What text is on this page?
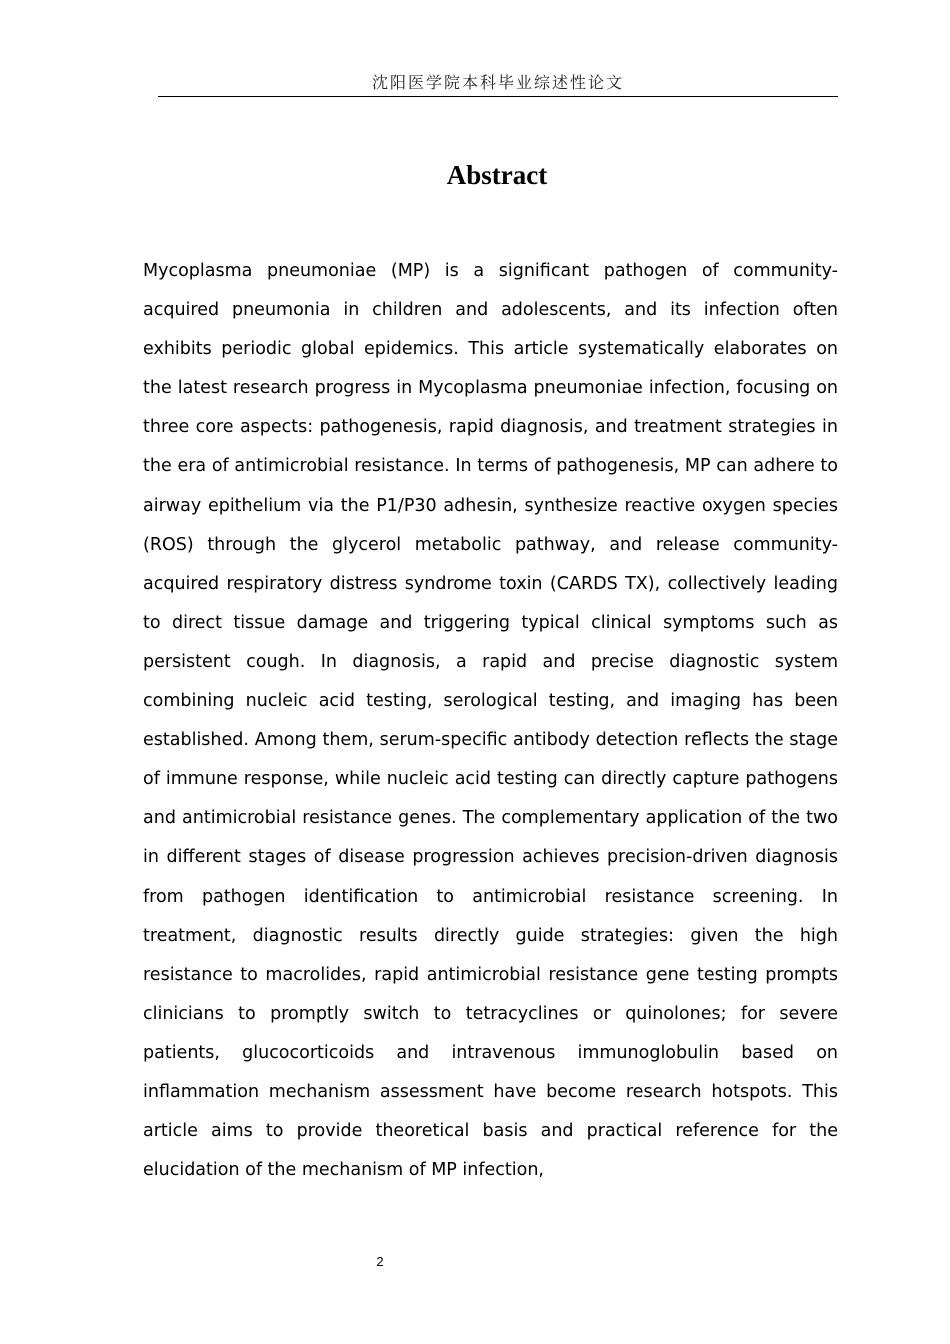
沈阳医学院本科毕业综述性论文
Abstract

Mycoplasma pneumoniae (MP) is a significant pathogen of community-acquired pneumonia in children and adolescents, and its infection often exhibits periodic global epidemics. This article systematically elaborates on the latest research progress in Mycoplasma pneumoniae infection, focusing on three core aspects: pathogenesis, rapid diagnosis, and treatment strategies in the era of antimicrobial resistance. In terms of pathogenesis, MP can adhere to airway epithelium via the P1/P30 adhesin, synthesize reactive oxygen species (ROS) through the glycerol metabolic pathway, and release community-acquired respiratory distress syndrome toxin (CARDS TX), collectively leading to direct tissue damage and triggering typical clinical symptoms such as persistent cough. In diagnosis, a rapid and precise diagnostic system combining nucleic acid testing, serological testing, and imaging has been established. Among them, serum-specific antibody detection reflects the stage of immune response, while nucleic acid testing can directly capture pathogens and antimicrobial resistance genes. The complementary application of the two in different stages of disease progression achieves precision-driven diagnosis from pathogen identification to antimicrobial resistance screening. In treatment, diagnostic results directly guide strategies: given the high resistance to macrolides, rapid antimicrobial resistance gene testing prompts clinicians to promptly switch to tetracyclines or quinolones; for severe patients, glucocorticoids and intravenous immunoglobulin based on inflammation mechanism assessment have become research hotspots. This article aims to provide theoretical basis and practical reference for the elucidation of the mechanism of MP infection,

2
